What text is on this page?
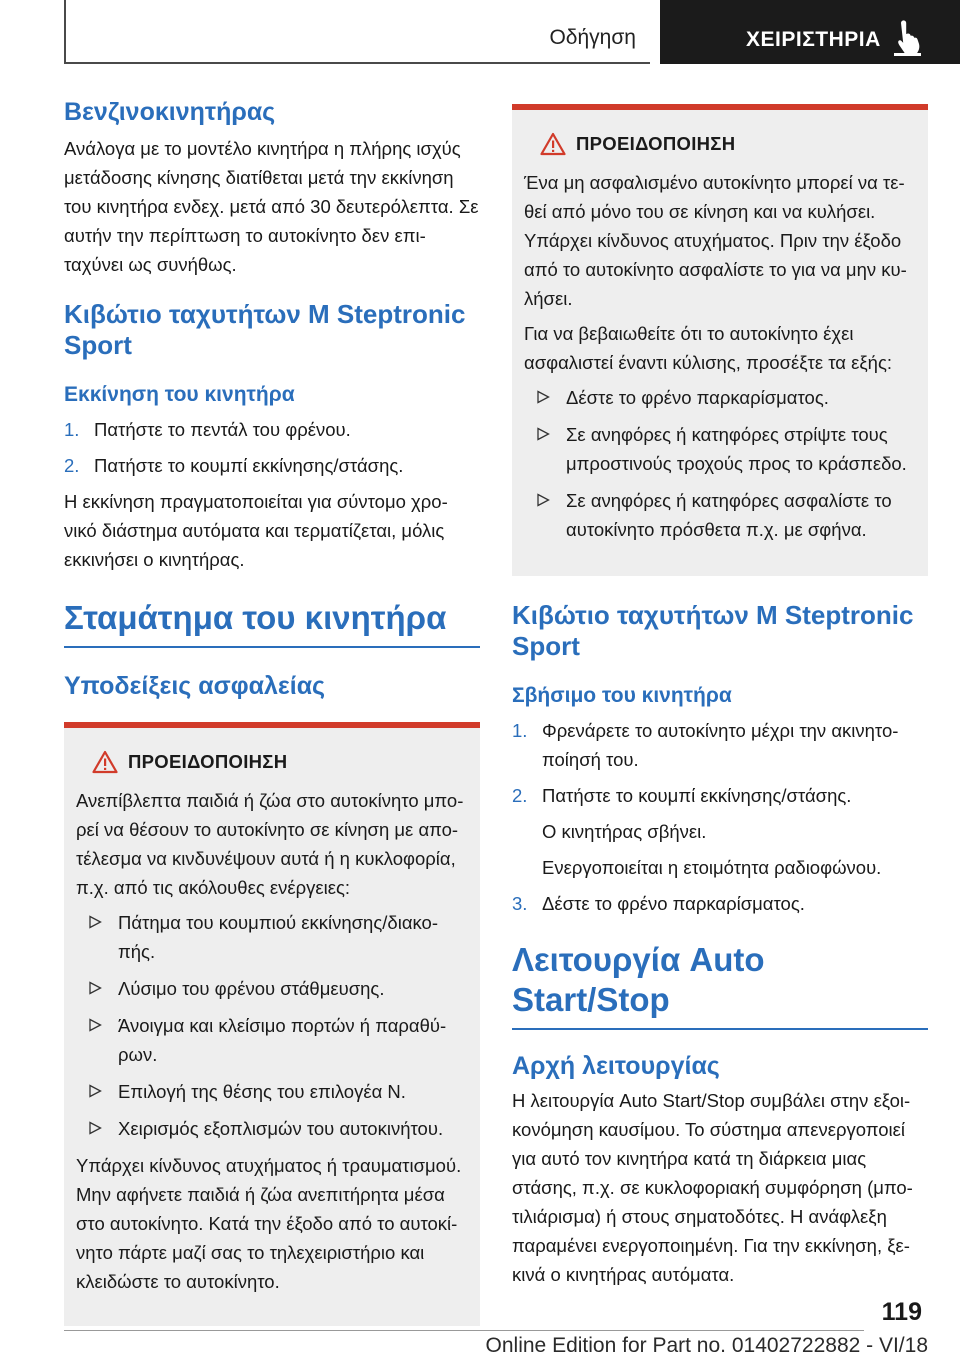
Οδήγηση	ΧΕΙΡΙΣΤΗΡΙΑ
Βενζινοκινητήρας

Ανάλογα με το μοντέλο κινητήρα η πλήρης ισχύς μετάδοσης κίνησης διατίθεται μετά την εκκίνηση του κινητήρα ενδεχ. μετά από 30 δευτερόλεπτα. Σε αυτήν την περίπτωση το αυτοκίνητο δεν επι-ταχύνει ως συνήθως.

Κιβώτιο ταχυτήτων M Steptronic Sport
Εκκίνηση του κινητήρα
1. Πατήστε το πεντάλ του φρένου.
2. Πατήστε το κουμπί εκκίνησης/στάσης.

Η εκκίνηση πραγματοποιείται για σύντομο χρο-νικό διάστημα αυτόματα και τερματίζεται, μόλις εκκινήσει ο κινητήρας.

Σταμάτημα του κινητήρα
Υποδείξεις ασφαλείας
ΠΡΟΕΙΔΟΠΟΙΗΣΗ

Ανεπίβλεπτα παιδιά ή ζώα στο αυτοκίνητο μπο-ρεί να θέσουν το αυτοκίνητο σε κίνηση με απο-τέλεσμα να κινδυνέψουν αυτά ή η κυκλοφορία, π.χ. από τις ακόλουθες ενέργειες:

Πάτημα του κουμπιού εκκίνησης/διακο-πής.
Λύσιμο του φρένου στάθμευσης.
Άνοιγμα και κλείσιμο πορτών ή παραθύ-ρων.
Επιλογή της θέσης του επιλογέα N.
Χειρισμός εξοπλισμών του αυτοκινήτου.

Υπάρχει κίνδυνος ατυχήματος ή τραυματισμού. Μην αφήνετε παιδιά ή ζώα ανεπιτήρητα μέσα στο αυτοκίνητο. Κατά την έξοδο από το αυτοκί-νητο πάρτε μαζί σας το τηλεχειριστήριο και κλειδώστε το αυτοκίνητο.

ΠΡΟΕΙΔΟΠΟΙΗΣΗ

Ένα μη ασφαλισμένο αυτοκίνητο μπορεί να τε-θεί από μόνο του σε κίνηση και να κυλήσει. Υπάρχει κίνδυνος ατυχήματος. Πριν την έξοδο από το αυτοκίνητο ασφαλίστε το για να μην κυ-λήσει.

Για να βεβαιωθείτε ότι το αυτοκίνητο έχει ασφαλιστεί έναντι κύλισης, προσέξτε τα εξής:

Δέστε το φρένο παρκαρίσματος.
Σε ανηφόρες ή κατηφόρες στρίψτε τους μπροστινούς τροχούς προς το κράσπεδο.
Σε ανηφόρες ή κατηφόρες ασφαλίστε το αυτοκίνητο πρόσθετα π.χ. με σφήνα.
Κιβώτιο ταχυτήτων M Steptronic Sport
Σβήσιμο του κινητήρα
1. Φρενάρετε το αυτοκίνητο μέχρι την ακινητο-ποίησή του.
2. Πατήστε το κουμπί εκκίνησης/στάσης.
Ο κινητήρας σβήνει.
Ενεργοποιείται η ετοιμότητα ραδιοφώνου.
3. Δέστε το φρένο παρκαρίσματος.
Λειτουργία Auto Start/Stop
Αρχή λειτουργίας

Η λειτουργία Auto Start/Stop συμβάλει στην εξοι-κονόμηση καυσίμου. Το σύστημα απενεργοποιεί για αυτό τον κινητήρα κατά τη διάρκεια μιας στάσης, π.χ. σε κυκλοφοριακή συμφόρηση (μπο-τιλιάρισμα) ή στους σηματοδότες. Η ανάφλεξη παραμένει ενεργοποιημένη. Για την εκκίνηση, ξε-κινά ο κινητήρας αυτόματα.

119
Online Edition for Part no. 01402722882 - VI/18
